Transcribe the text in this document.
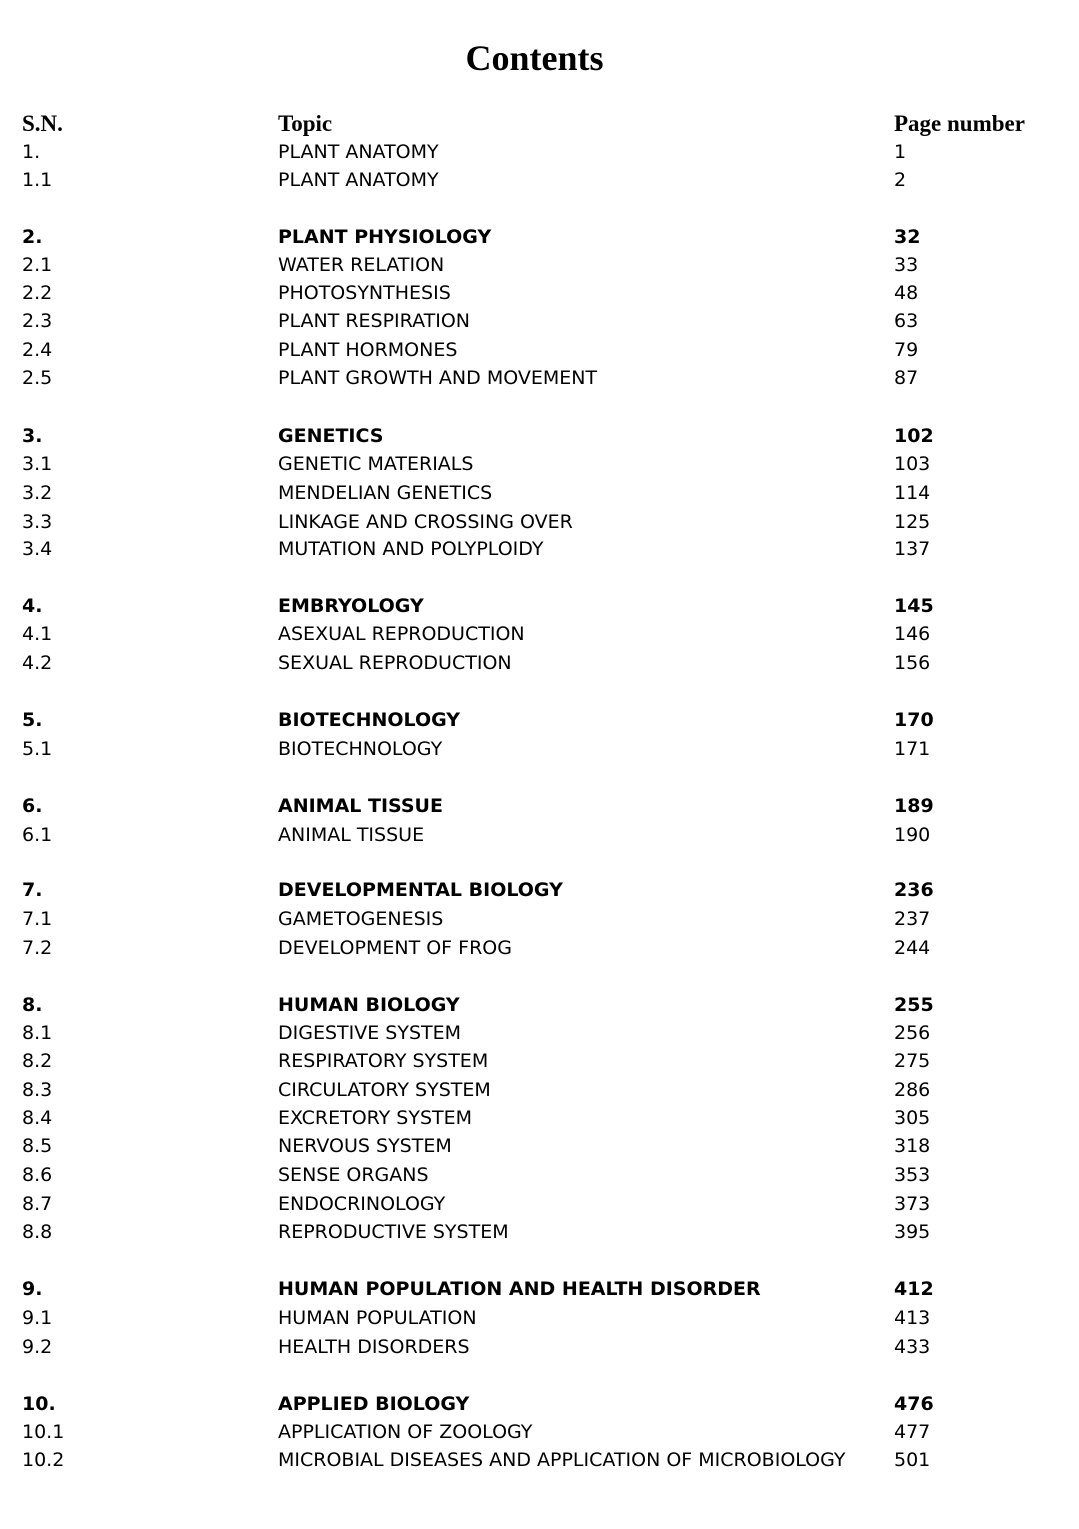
Contents
S.N.	Topic	Page number
1.	PLANT ANATOMY	1
1.1	PLANT ANATOMY	2
2.	PLANT PHYSIOLOGY	32
2.1	WATER RELATION	33
2.2	PHOTOSYNTHESIS	48
2.3	PLANT RESPIRATION	63
2.4	PLANT HORMONES	79
2.5	PLANT GROWTH AND MOVEMENT	87
3.	GENETICS	102
3.1	GENETIC MATERIALS	103
3.2	MENDELIAN GENETICS	114
3.3	LINKAGE AND CROSSING OVER	125
3.4	MUTATION AND POLYPLOIDY	137
4.	EMBRYOLOGY	145
4.1	ASEXUAL REPRODUCTION	146
4.2	SEXUAL REPRODUCTION	156
5.	BIOTECHNOLOGY	170
5.1	BIOTECHNOLOGY	171
6.	ANIMAL TISSUE	189
6.1	ANIMAL TISSUE	190
7.	DEVELOPMENTAL BIOLOGY	236
7.1	GAMETOGENESIS	237
7.2	DEVELOPMENT OF FROG	244
8.	HUMAN BIOLOGY	255
8.1	DIGESTIVE SYSTEM	256
8.2	RESPIRATORY SYSTEM	275
8.3	CIRCULATORY SYSTEM	286
8.4	EXCRETORY SYSTEM	305
8.5	NERVOUS SYSTEM	318
8.6	SENSE ORGANS	353
8.7	ENDOCRINOLOGY	373
8.8	REPRODUCTIVE SYSTEM	395
9.	HUMAN POPULATION AND HEALTH DISORDER	412
9.1	HUMAN POPULATION	413
9.2	HEALTH DISORDERS	433
10.	APPLIED BIOLOGY	476
10.1	APPLICATION OF ZOOLOGY	477
10.2	MICROBIAL DISEASES AND APPLICATION OF MICROBIOLOGY	501
